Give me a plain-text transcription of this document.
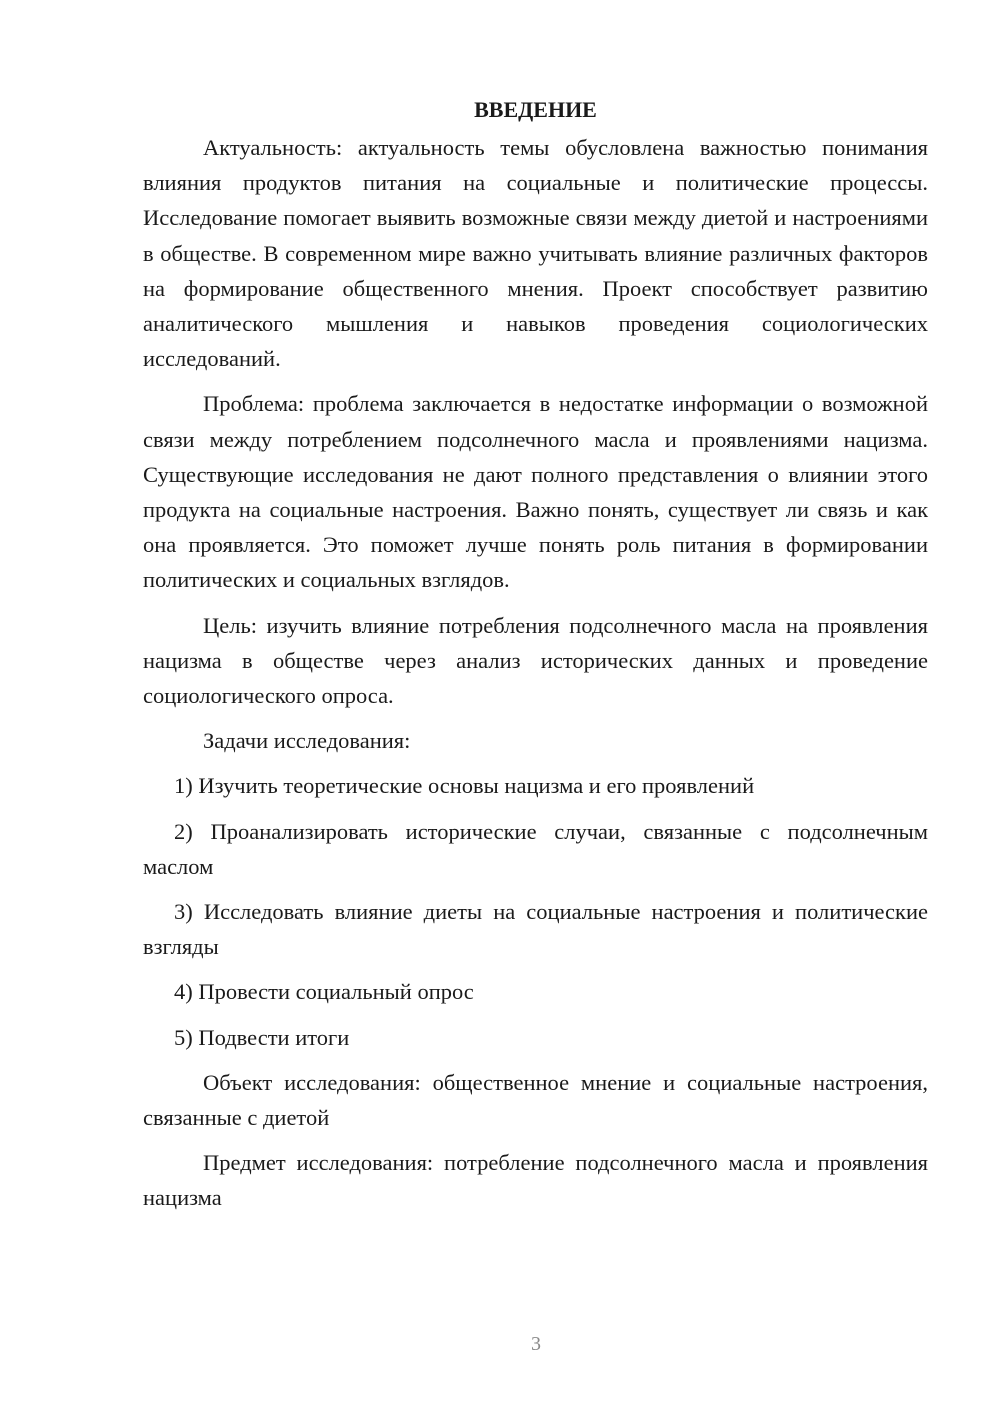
ВВЕДЕНИЕ

Актуальность: актуальность темы обусловлена важностью понимания влияния продуктов питания на социальные и политические процессы. Исследование помогает выявить возможные связи между диетой и настроениями в обществе. В современном мире важно учитывать влияние различных факторов на формирование общественного мнения. Проект способствует развитию аналитического мышления и навыков проведения социологических исследований.

Проблема: проблема заключается в недостатке информации о возможной связи между потреблением подсолнечного масла и проявлениями нацизма. Существующие исследования не дают полного представления о влиянии этого продукта на социальные настроения. Важно понять, существует ли связь и как она проявляется. Это поможет лучше понять роль питания в формировании политических и социальных взглядов.

Цель: изучить влияние потребления подсолнечного масла на проявления нацизма в обществе через анализ исторических данных и проведение социологического опроса.

Задачи исследования:

1) Изучить теоретические основы нацизма и его проявлений

2) Проанализировать исторические случаи, связанные с подсолнечным маслом

3) Исследовать влияние диеты на социальные настроения и политические взгляды

4) Провести социальный опрос

5) Подвести итоги

Объект исследования: общественное мнение и социальные настроения, связанные с диетой

Предмет исследования: потребление подсолнечного масла и проявления нацизма

3
